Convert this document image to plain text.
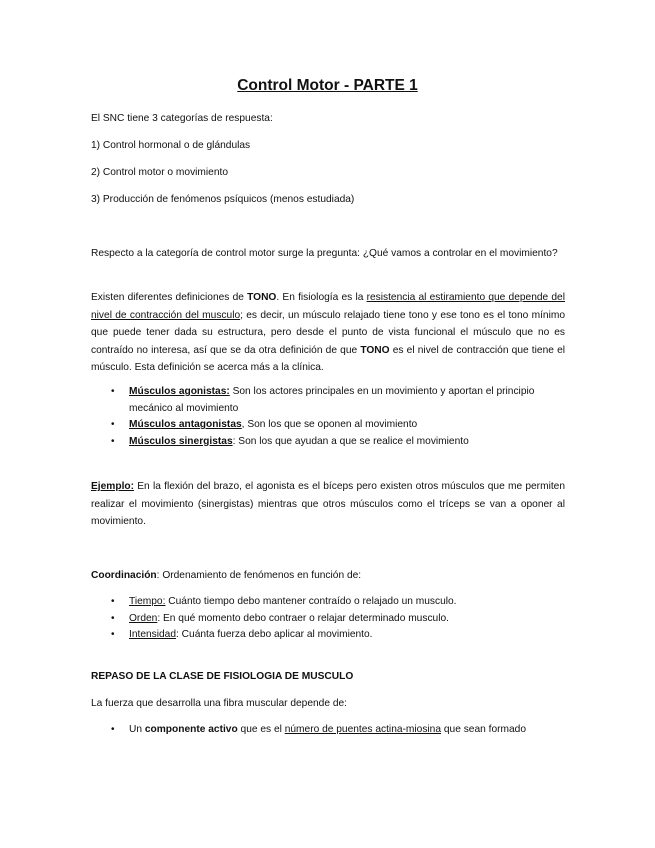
Control Motor - PARTE 1
El SNC tiene 3 categorías de respuesta:
1) Control hormonal o de glándulas
2) Control motor o movimiento
3) Producción de fenómenos psíquicos (menos estudiada)
Respecto a la categoría de control motor surge la pregunta: ¿Qué vamos a controlar en el movimiento?
Existen diferentes definiciones de TONO. En fisiología es la resistencia al estiramiento que depende del nivel de contracción del musculo; es decir, un músculo relajado tiene tono y ese tono es el tono mínimo que puede tener dada su estructura, pero desde el punto de vista funcional el músculo que no es contraído no interesa, así que se da otra definición de que TONO es el nivel de contracción que tiene el músculo. Esta definición se acerca más a la clínica.
• Músculos agonistas: Son los actores principales en un movimiento y aportan el principio mecánico al movimiento
• Músculos antagonistas, Son los que se oponen al movimiento
• Músculos sinergistas: Son los que ayudan a que se realice el movimiento
Ejemplo: En la flexión del brazo, el agonista es el bíceps pero existen otros músculos que me permiten realizar el movimiento (sinergistas) mientras que otros músculos como el tríceps se van a oponer al movimiento.
Coordinación: Ordenamiento de fenómenos en función de:
• Tiempo: Cuánto tiempo debo mantener contraído o relajado un musculo.
• Orden: En qué momento debo contraer o relajar determinado musculo.
• Intensidad: Cuánta fuerza debo aplicar al movimiento.
REPASO DE LA CLASE DE FISIOLOGIA DE MUSCULO
La fuerza que desarrolla una fibra muscular depende de:
• Un componente activo que es el número de puentes actina-miosina que sean formado
